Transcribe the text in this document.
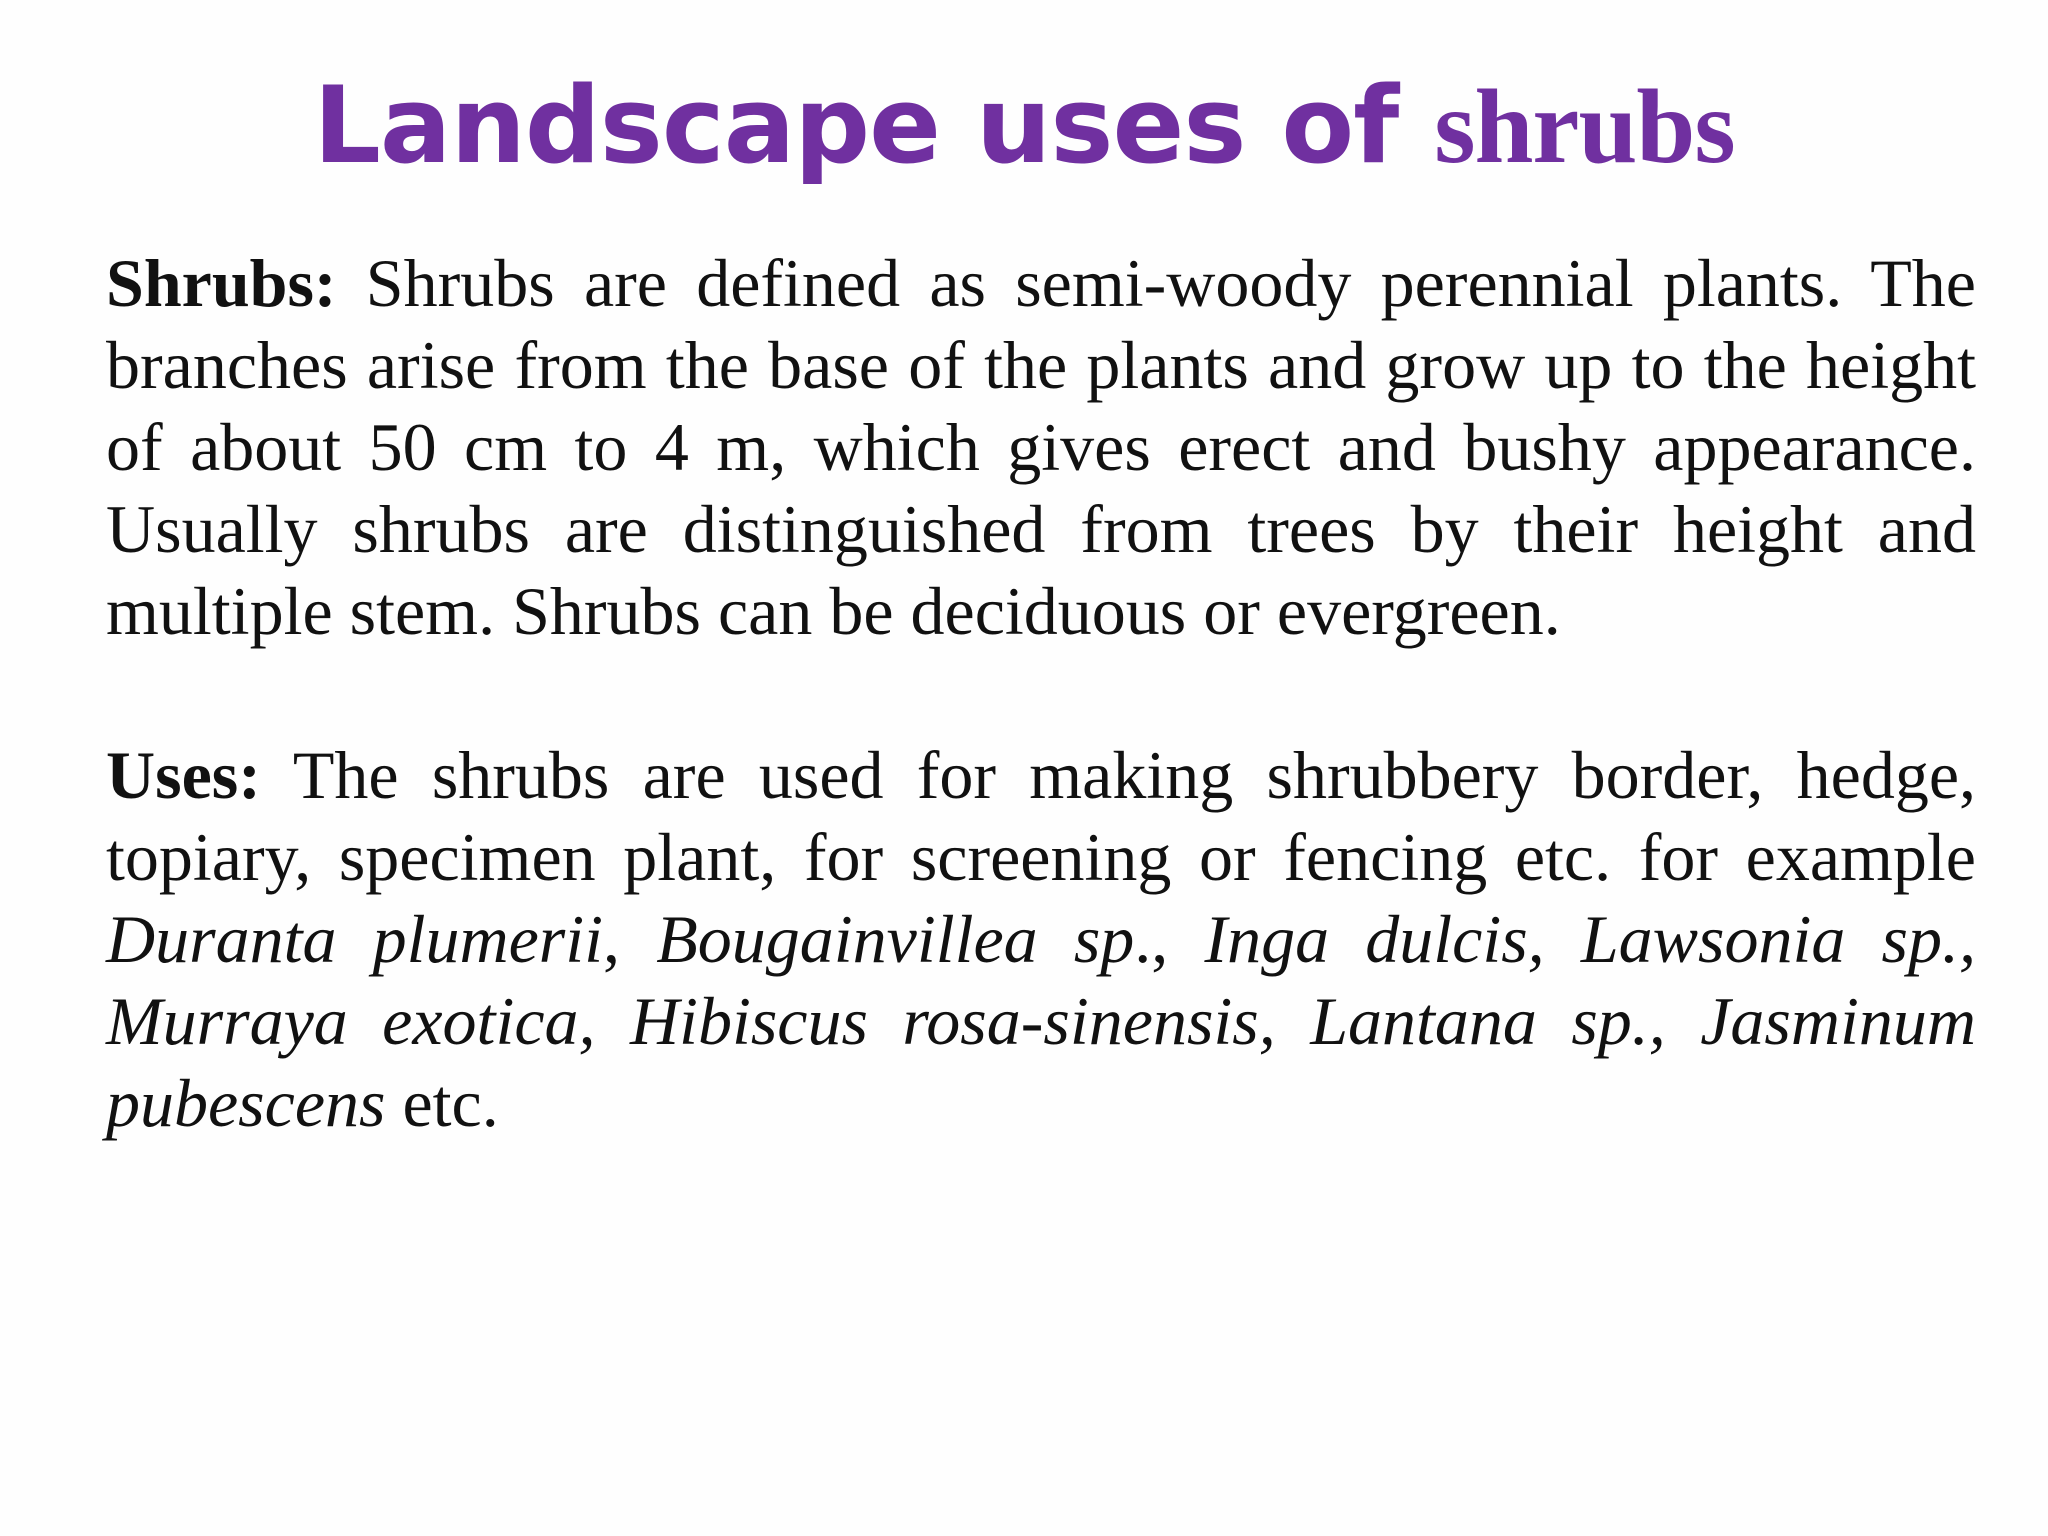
Landscape uses of shrubs

Shrubs: Shrubs are defined as semi-woody perennial plants. The branches arise from the base of the plants and grow up to the height of about 50 cm to 4 m, which gives erect and bushy appearance. Usually shrubs are distinguished from trees by their height and multiple stem. Shrubs can be deciduous or evergreen.

Uses: The shrubs are used for making shrubbery border, hedge, topiary, specimen plant, for screening or fencing etc. for example Duranta plumerii, Bougainvillea sp., Inga dulcis, Lawsonia sp., Murraya exotica, Hibiscus rosa-sinensis, Lantana sp., Jasminum pubescens etc.
